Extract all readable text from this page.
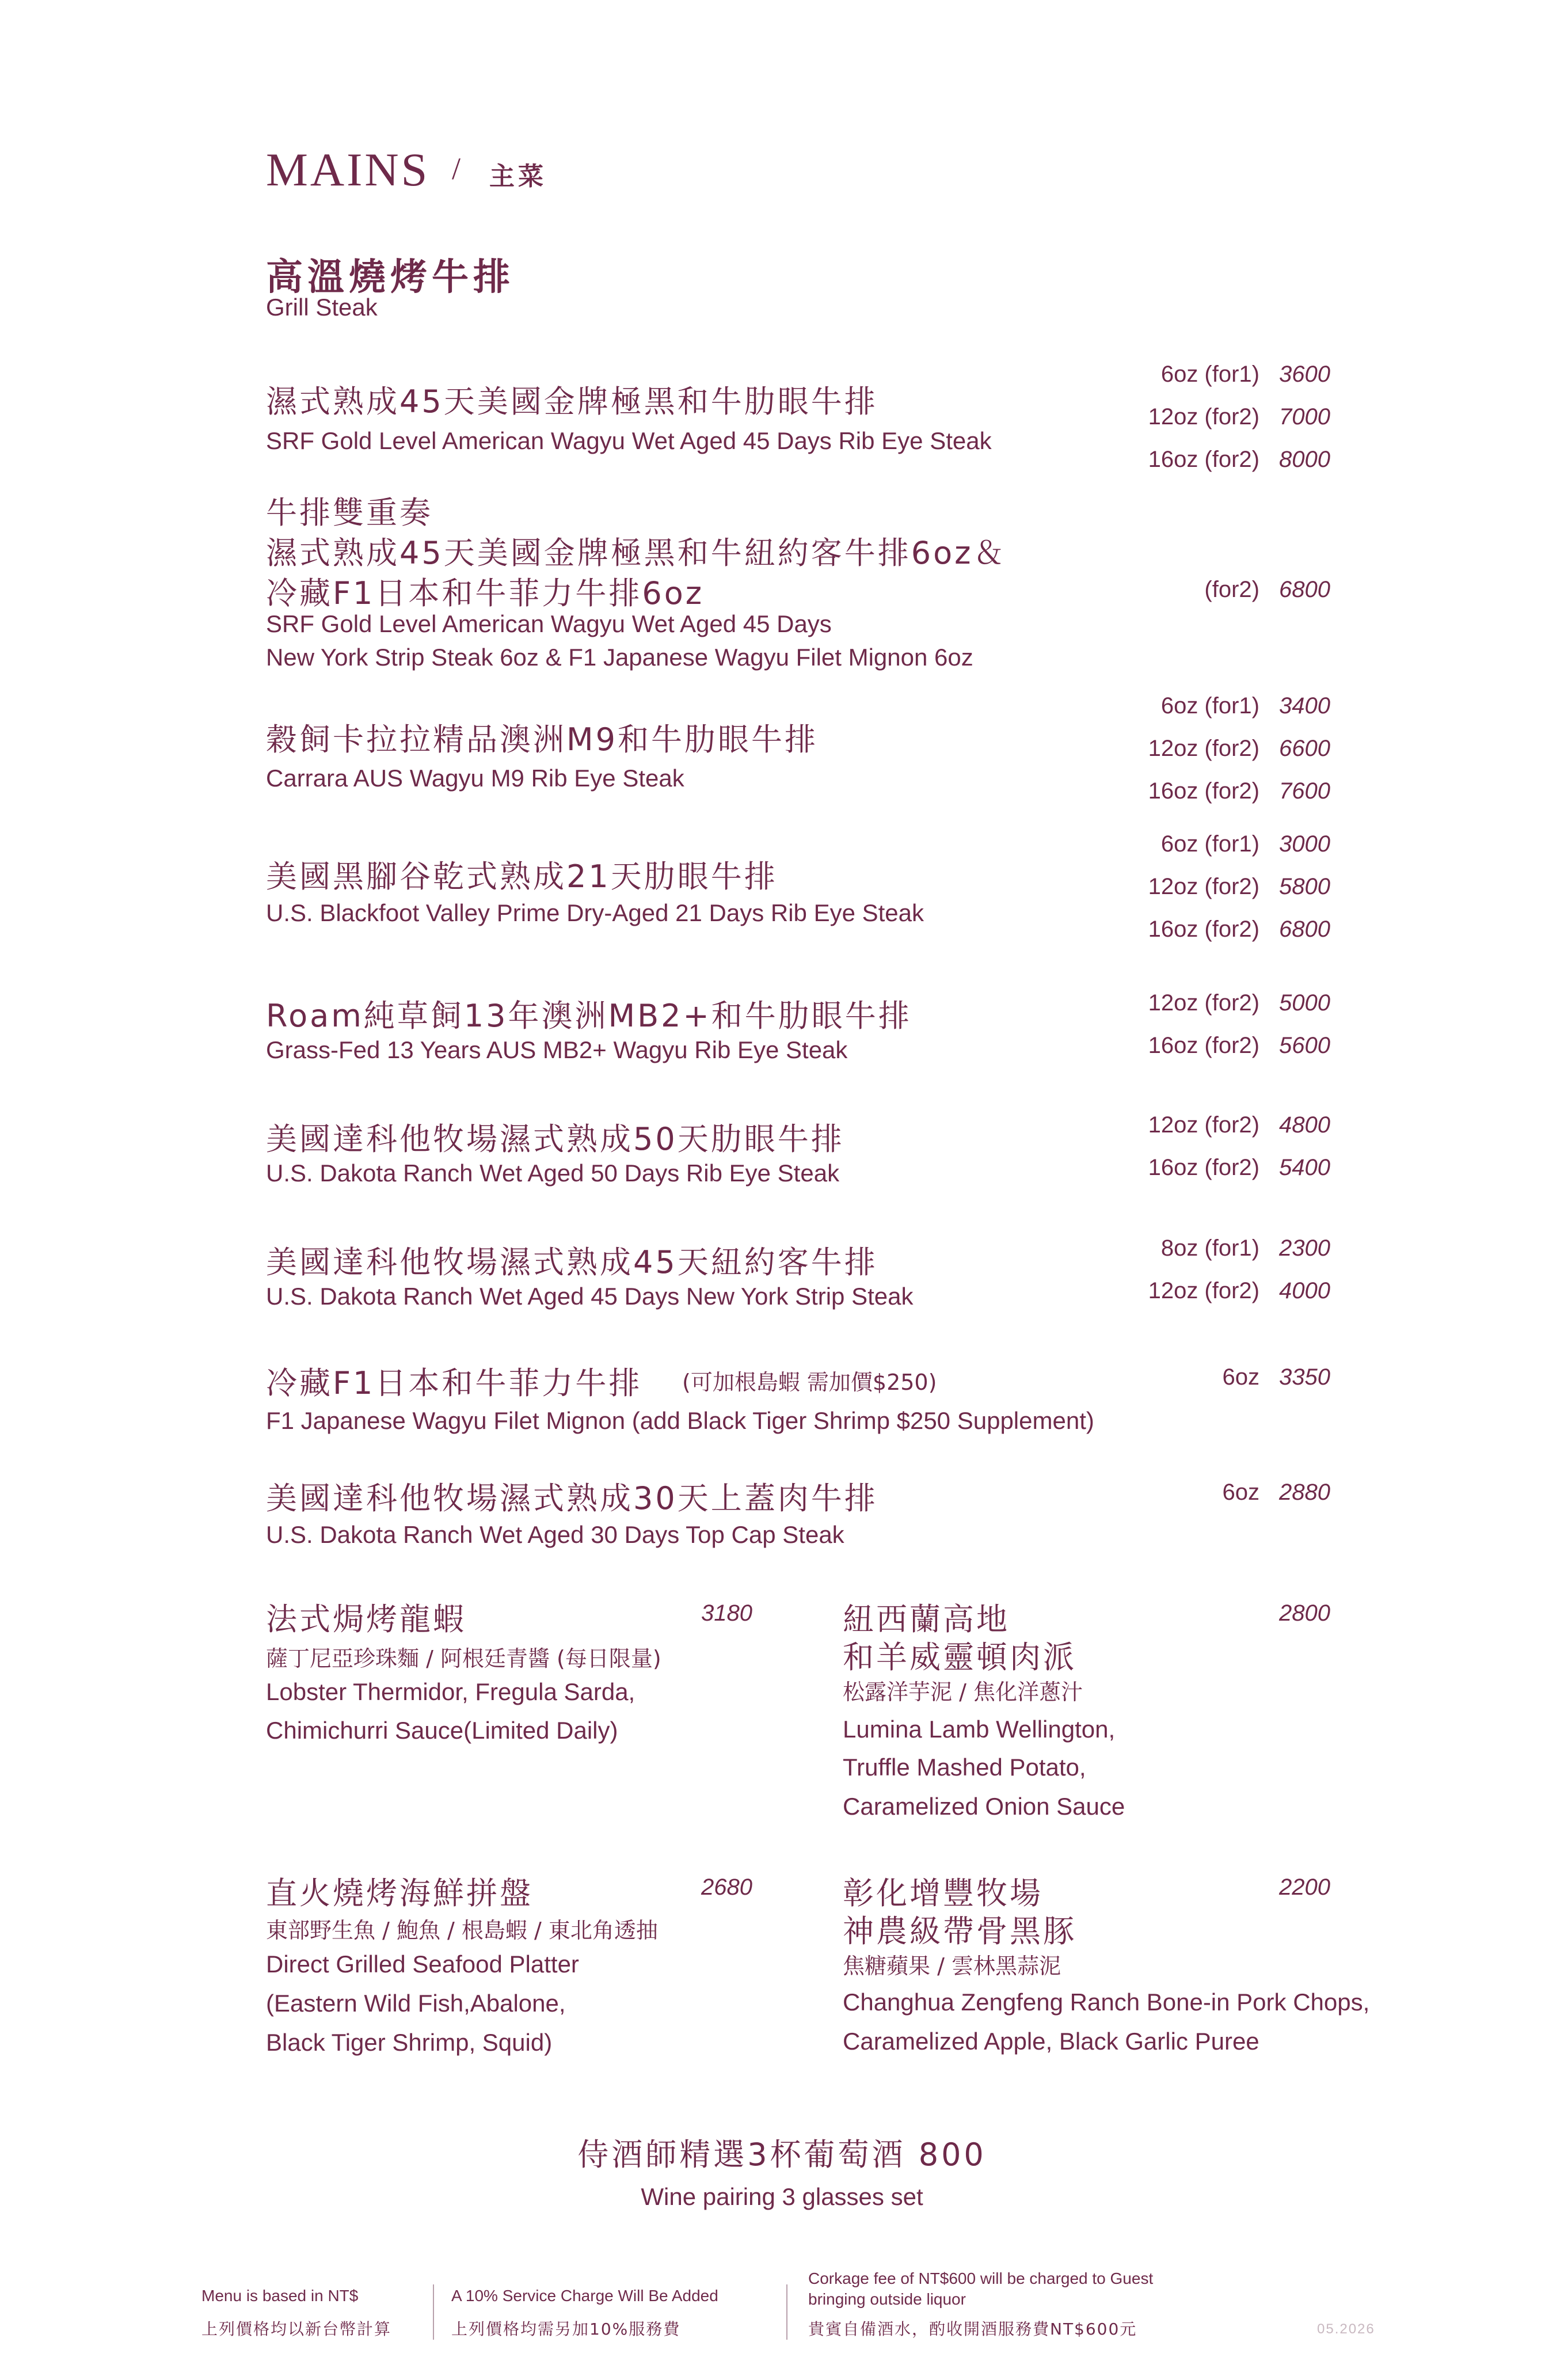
MAINS / 主菜
高溫燒烤牛排
Grill Steak
濕式熟成45天美國金牌極黑和牛肋眼牛排
SRF Gold Level American Wagyu Wet Aged 45 Days Rib Eye Steak
6oz (for1) 3600
12oz (for2) 7000
16oz (for2) 8000
牛排雙重奏
濕式熟成45天美國金牌極黑和牛紐約客牛排6oz＆
冷藏F1日本和牛菲力牛排6oz
SRF Gold Level American Wagyu Wet Aged 45 Days
New York Strip Steak 6oz & F1 Japanese Wagyu Filet Mignon 6oz
(for2) 6800
穀飼卡拉拉精品澳洲M9和牛肋眼牛排
Carrara AUS Wagyu M9 Rib Eye Steak
6oz (for1) 3400
12oz (for2) 6600
16oz (for2) 7600
美國黑腳谷乾式熟成21天肋眼牛排
U.S. Blackfoot Valley Prime Dry-Aged 21 Days Rib Eye Steak
6oz (for1) 3000
12oz (for2) 5800
16oz (for2) 6800
Roam純草飼13年澳洲MB2+和牛肋眼牛排
Grass-Fed 13 Years AUS MB2+ Wagyu Rib Eye Steak
12oz (for2) 5000
16oz (for2) 5600
美國達科他牧場濕式熟成50天肋眼牛排
U.S. Dakota Ranch Wet Aged 50 Days Rib Eye Steak
12oz (for2) 4800
16oz (for2) 5400
美國達科他牧場濕式熟成45天紐約客牛排
U.S. Dakota Ranch Wet Aged 45 Days New York Strip Steak
8oz (for1) 2300
12oz (for2) 4000
冷藏F1日本和牛菲力牛排 (可加根島蝦 需加價$250)
F1 Japanese Wagyu Filet Mignon (add Black Tiger Shrimp $250 Supplement)
6oz 3350
美國達科他牧場濕式熟成30天上蓋肉牛排
U.S. Dakota Ranch Wet Aged 30 Days Top Cap Steak
6oz 2880
法式焗烤龍蝦	3180
薩丁尼亞珍珠麵 / 阿根廷青醬 (每日限量)
Lobster Thermidor, Fregula Sarda,
Chimichurri Sauce(Limited Daily)
直火燒烤海鮮拼盤	2680
東部野生魚 / 鮑魚 / 根島蝦 / 東北角透抽
Direct Grilled Seafood Platter
(Eastern Wild Fish,Abalone,
Black Tiger Shrimp, Squid)
紐西蘭高地
和羊威靈頓肉派
2800
松露洋芋泥 / 焦化洋蔥汁
Lumina Lamb Wellington,
Truffle Mashed Potato,
Caramelized Onion Sauce
彰化增豐牧場
神農級帶骨黑豚
2200
焦糖蘋果 / 雲林黑蒜泥
Changhua Zengfeng Ranch Bone-in Pork Chops,
Caramelized Apple, Black Garlic Puree
侍酒師精選3杯葡萄酒 800
Wine pairing 3 glasses set
Menu is based in NT$
上列價格均以新台幣計算
A 10% Service Charge Will Be Added
上列價格均需另加10%服務費
Corkage fee of NT$600 will be charged to Guest
bringing outside liquor
貴賓自備酒水，酌收開酒服務費NT$600元	05.2026
